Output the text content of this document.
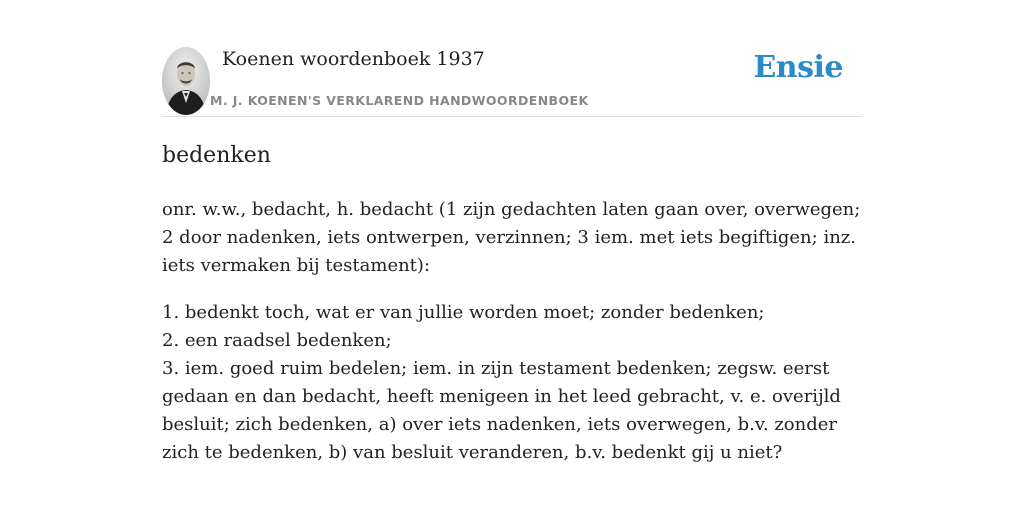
Koenen woordenboek 1937
M. J. KOENEN'S VERKLAREND HANDWOORDENBOEK
Ensie
bedenken

onr. w.w., bedacht, h. bedacht (1 zijn gedachten laten gaan over, overwegen; 2 door nadenken, iets ontwerpen, verzinnen; 3 iem. met iets begiftigen; inz. iets vermaken bij testament):

1. bedenkt toch, wat er van jullie worden moet; zonder bedenken;
2. een raadsel bedenken;
3. iem. goed ruim bedelen; iem. in zijn testament bedenken; zegsw. eerst gedaan en dan bedacht, heeft menigeen in het leed gebracht, v. e. overijld besluit; zich bedenken, a) over iets nadenken, iets overwegen, b.v. zonder zich te bedenken, b) van besluit veranderen, b.v. bedenkt gij u niet?
